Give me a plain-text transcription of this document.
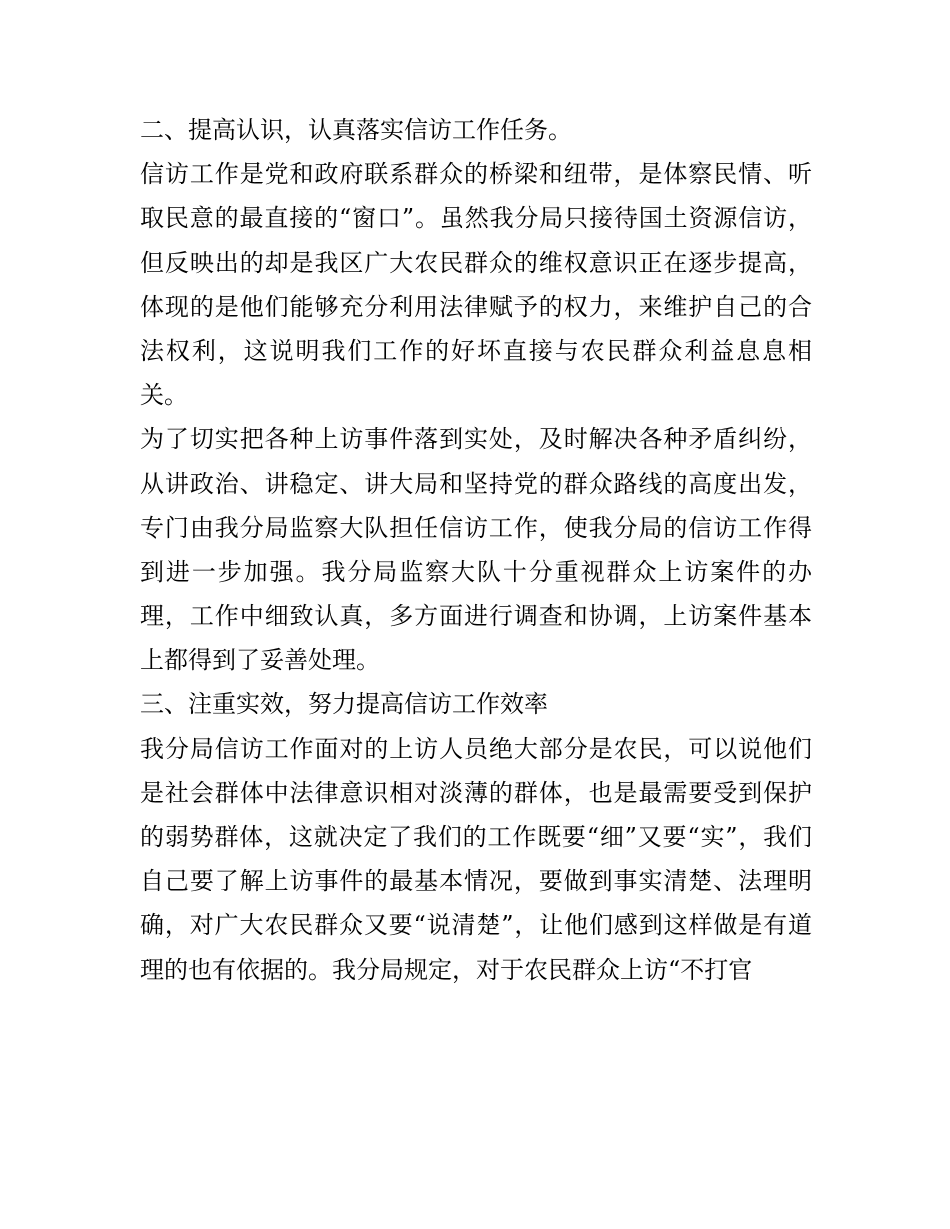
二、提高认识，认真落实信访工作任务。
信访工作是党和政府联系群众的桥梁和纽带，是体察民情、听
取民意的最直接的“窗口”。虽然我分局只接待国土资源信访，
但反映出的却是我区广大农民群众的维权意识正在逐步提高，
体现的是他们能够充分利用法律赋予的权力，来维护自己的合
法权利，这说明我们工作的好坏直接与农民群众利益息息相
关。
为了切实把各种上访事件落到实处，及时解决各种矛盾纠纷，
从讲政治、讲稳定、讲大局和坚持党的群众路线的高度出发，
专门由我分局监察大队担任信访工作，使我分局的信访工作得
到进一步加强。我分局监察大队十分重视群众上访案件的办
理，工作中细致认真，多方面进行调查和协调，上访案件基本
上都得到了妥善处理。
三、注重实效，努力提高信访工作效率
我分局信访工作面对的上访人员绝大部分是农民，可以说他们
是社会群体中法律意识相对淡薄的群体，也是最需要受到保护
的弱势群体，这就决定了我们的工作既要“细”又要“实”，我们
自己要了解上访事件的最基本情况，要做到事实清楚、法理明
确，对广大农民群众又要“说清楚”，让他们感到这样做是有道
理的也有依据的。我分局规定，对于农民群众上访“不打官
